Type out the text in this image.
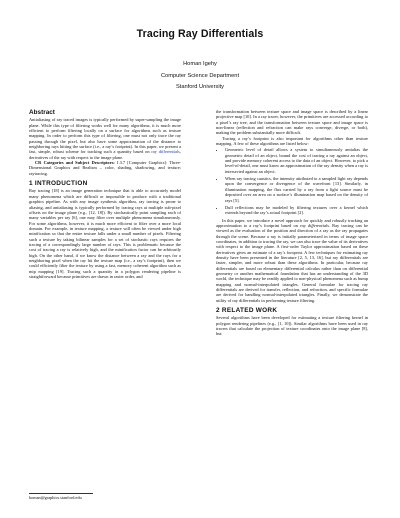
Tracing Ray Differentials
Homan Igehy
Computer Science Department
Stanford University
Abstract

Antialiasing of ray traced images is typically performed by super-sampling the image plane. While this type of filtering works well for many algorithms, it is much more efficient to perform filtering locally on a surface for algorithms such as texture mapping. In order to perform this type of filtering, one must not only trace the ray passing through the pixel, but also have some approximation of the distance to neighboring rays hitting the surface (i.e., a ray’s footprint). In this paper, we present a fast, simple, robust scheme for tracking such a quantity based on ray differentials, derivatives of the ray with respect to the image plane.

CR Categories and Subject Descriptors: I.3.7 [Computer Graphics]: Three-Dimensional Graphics and Realism – color, shading, shadowing, and texture; raytracing.

1 INTRODUCTION

Ray tracing [18] is an image generation technique that is able to accurately model many phenomena which are difficult or impossible to produce with a traditional graphics pipeline. As with any image synthesis algorithm, ray tracing is prone to aliasing, and antialiasing is typically performed by tracing rays at multiple sub-pixel offsets on the image plane (e.g., [12, 18]). By stochastically point sampling each of many variables per ray [6], one may filter over multiple phenomena simultaneously. For some algorithms, however, it is much more efficient to filter over a more local domain. For example, in texture mapping, a texture will often be viewed under high minification so that the entire texture falls under a small number of pixels. Filtering such a texture by taking bilinear samples for a set of stochastic rays requires the tracing of a correspondingly large number of rays. This is problematic because the cost of tracing a ray is relatively high, and the minification factor can be arbitrarily high. On the other hand, if we know the distance between a ray and the rays for a neighboring pixel when the ray hit the texture map (i.e., a ray’s footprint), then we could efficiently filter the texture by using a fast, memory coherent algorithm such as mip mapping [19]. Tracing such a quantity in a polygon rendering pipeline is straightforward because primitives are drawn in raster order, and

the transformation between texture space and image space is described by a linear projective map [10]. In a ray tracer, however, the primitives are accessed according to a pixel’s ray tree, and the transformation between texture space and image space is non-linear (reflection and refraction can make rays converge, diverge, or both), making the problem substantially more difficult.

Tracing a ray’s footprint is also important for algorithms other than texture mapping. A few of these algorithms are listed below:

• Geometric level of detail allows a system to simultaneously antialias the geometric detail of an object, bound the cost of tracing a ray against an object, and provide memory coherent access to the data of an object. However, to pick a level-of-detail, one must know an approximation of the ray density when a ray is intersected against an object.
• When ray tracing caustics, the intensity attributed to a sampled light ray depends upon the convergence or divergence of the wavefront [13]. Similarly, in illumination mapping, the flux carried by a ray from a light source must be deposited over an area on a surface’s illumination map based on the density of rays [5].
• Dull reflections may be modeled by filtering textures over a kernel which extends beyond the ray’s actual footprint [2].

In this paper, we introduce a novel approach for quickly and robustly tracking an approximation to a ray’s footprint based on ray differentials. Ray tracing can be viewed as the evaluation of the position and direction of a ray as the ray propagates through the scene. Because a ray is initially parameterized in terms of image space coordinates, in addition to tracing the ray, we can also trace the value of its derivatives with respect to the image plane. A first-order Taylor approximation based on these derivatives gives an estimate of a ray’s footprint. A few techniques for estimating ray density have been presented in the literature [2, 5, 13, 16], but ray differentials are faster, simpler, and more robust than these algorithms. In particular, because ray differentials are based on elementary differential calculus rather than on differential geometry or another mathematical foundation that has an understanding of the 3D world, the technique may be readily applied to non-physical phenomena such as bump mapping and normal-interpolated triangles. General formulae for tracing ray differentials are derived for transfer, reflection, and refraction, and specific formulae are derived for handling normal-interpolated triangles. Finally, we demonstrate the utility of ray differentials in performing texture filtering.

2 RELATED WORK

Several algorithms have been developed for estimating a texture filtering kernel in polygon rendering pipelines (e.g., [1, 10]). Similar algorithms have been used in ray tracers that calculate the projection of texture coordinates onto the image plane [8], but

homan@graphics.stanford.edu
